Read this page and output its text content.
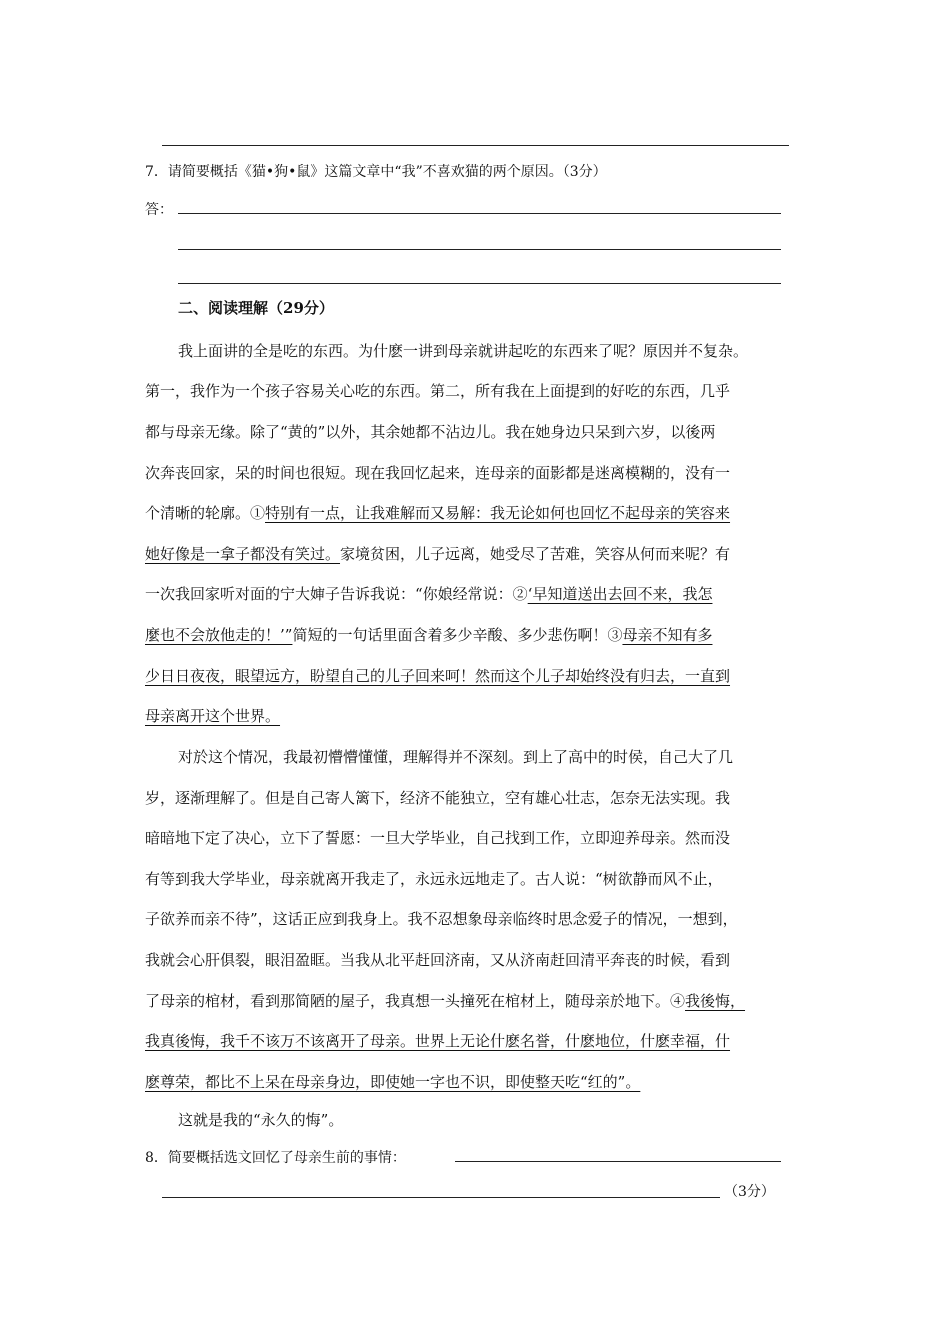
7．请简要概括《猫•狗•鼠》这篇文章中“我”不喜欢猫的两个原因。（3分）
答：
二、阅读理解（29分）
我上面讲的全是吃的东西。为什麽一讲到母亲就讲起吃的东西来了呢？原因并不复杂。
第一，我作为一个孩子容易关心吃的东西。第二，所有我在上面提到的好吃的东西，几乎
都与母亲无缘。除了“黄的”以外，其余她都不沾边儿。我在她身边只呆到六岁，以後两
次奔丧回家，呆的时间也很短。现在我回忆起来，连母亲的面影都是迷离模糊的，没有一
个清晰的轮廓。①特别有一点，让我难解而又易解：我无论如何也回忆不起母亲的笑容来
她好像是一拿子都没有笑过。家境贫困，儿子远离，她受尽了苦难，笑容从何而来呢？有
一次我回家听对面的宁大婶子告诉我说：“你娘经常说：②‘早知道送出去回不来，我怎
麼也不会放他走的！’”简短的一句话里面含着多少辛酸、多少悲伤啊！③母亲不知有多
少日日夜夜，眼望远方，盼望自己的儿子回来呵！然而这个儿子却始终没有归去，一直到
母亲离开这个世界。
对於这个情况，我最初懵懵懂懂，理解得并不深刻。到上了高中的时侯，自己大了几
岁，逐渐理解了。但是自己寄人篱下，经济不能独立，空有雄心壮志，怎奈无法实现。我
暗暗地下定了决心，立下了誓愿：一旦大学毕业，自己找到工作，立即迎养母亲。然而没
有等到我大学毕业，母亲就离开我走了，永远永远地走了。古人说：“树欲静而风不止，
子欲养而亲不待”，这话正应到我身上。我不忍想象母亲临终时思念爱子的情况，一想到，
我就会心肝俱裂，眼泪盈眶。当我从北平赶回济南，又从济南赶回清平奔丧的时候，看到
了母亲的棺材，看到那简陋的屋子，我真想一头撞死在棺材上，随母亲於地下。④我後悔，
我真後悔，我千不该万不该离开了母亲。世界上无论什麽名誉，什麽地位，什麽幸福，什
麽尊荣，都比不上呆在母亲身边，即使她一字也不识，即使整天吃“红的”。
这就是我的“永久的悔”。
8．简要概括选文回忆了母亲生前的事情：
（3分）
